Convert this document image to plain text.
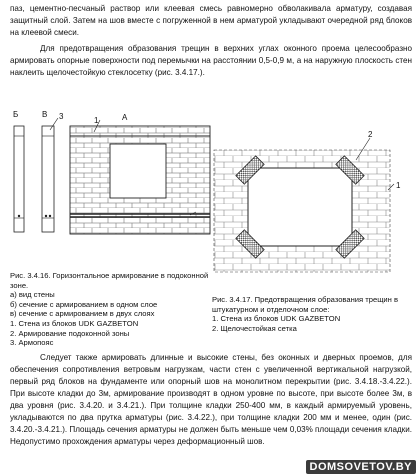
паз, цементно-песчаный раствор или клеевая смесь равномерно обволакивала арматуру, создавая защитный слой. Затем на шов вместе с погруженной в нем арматурой укладывают очередной ряд блоков на клеевой смеси.
Для предотвращения образования трещин в верхних углах оконного проема целесообразно армировать опорные поверхности под перемычки на расстоянии 0,5-0,9 м, а на наружную плоскость стен наклеить щелочестойкую стеклосетку (рис. 3.4.17.).
Б	В 3	А
1
2
1
Рис. 3.4.16. Горизонтальное армирование в подоконной зоне.
а) вид стены
б) сечение с армированием в одном слое
в) сечение с армированием в двух слоях
1. Стена из блоков UDK GAZBETON
2. Армирование подоконной зоны
3. Армопояс
Рис. 3.4.17. Предотвращения образования трещин в штукатурном и отделочном слое:
1. Стена из блоков UDK GAZBETON
2. Щелочестойкая сетка
Следует также армировать длинные и высокие стены, без оконных и дверных проемов, для обеспечения сопротивления ветровым нагрузкам, части стен с увеличенной вертикальной нагрузкой, первый ряд блоков на фундаменте или опорный шов на монолитном перекрытии (рис. 3.4.18.-3.4.22.). При высоте кладки до 3м, армирование производят в одном уровне по высоте, при высоте более 3м, в два уровня (рис. 3.4.20. и 3.4.21.). При толщине кладки 250-400 мм, в каждый армируемый уровень, укладываются по два прутка арматуры (рис. 3.4.22.), при толщине кладки 200 мм и менее, один (рис. 3.4.20.-3.4.21.). Площадь сечения арматуры не должен быть меньше чем 0,03% площади сечения кладки. Недопустимо прохождения арматуры через деформационный шов.
DOMSOVETOV.BY
